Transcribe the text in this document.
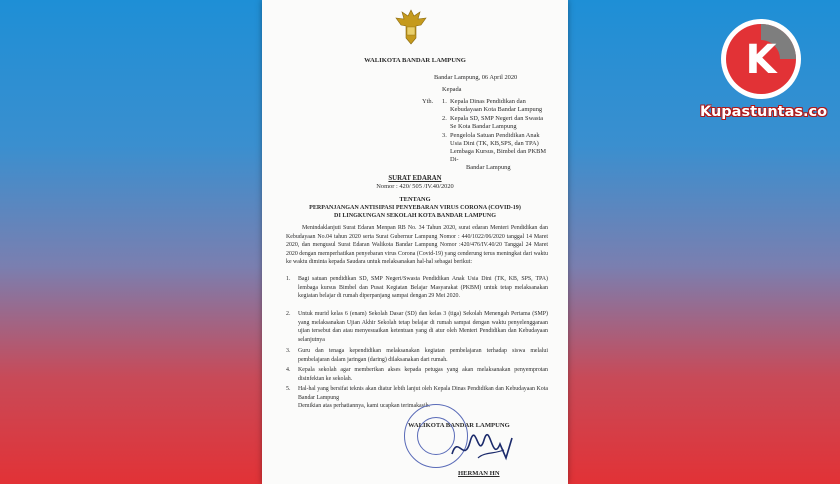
K
Kupastuntas.co
WALIKOTA BANDAR LAMPUNG
Bandar Lampung, 06 April 2020
Kepada
Yth. 1. Kepala Dinas Pendidikan dan
Kebudayaan Kota Bandar Lampung
2. Kepala SD, SMP Negeri dan Swasta
Se Kota Bandar Lampung
3. Pengelola Satuan Pendidikan Anak
Usia Dini (TK, KB,SPS, dan TPA)
Lembaga Kursus, Bimbel dan PKBM
Di-
Bandar Lampung
SURAT EDARAN
Nomor : 420/ 505 /IV.40/2020
TENTANG
PERPANJANGAN ANTISIPASI PENYEBARAN VIRUS CORONA (COVID-19)
DI LINGKUNGAN SEKOLAH KOTA BANDAR LAMPUNG
Menindaklanjuti Surat Edaran Menpan RB No. 34 Tahun 2020, surat edaran Menteri Pendidikan dan Kebudayaan No.04 tahun 2020 serta Surat Gubernur Lampung Nomor : 440/1022/06/2020 tanggal 14 Maret 2020, dan mengusul Surat Edaran Walikota Bandar Lampung Nomor :420/476/IV.40/20 Tanggal 24 Maret 2020 dengan memperhatikan penyebaran virus Corona (Covid-19) yang cenderung terus meningkat dari waktu ke waktu diminta kepada Saudara untuk melaksanakan hal-hal sebagai berikut:
1. Bagi satuan pendidikan SD, SMP Negeri/Swasta Pendidikan Anak Usia Dini (TK, KB, SPS, TPA) lembaga kursus Bimbel dan Pusat Kegiatan Belajar Masyarakat (PKBM) untuk tetap melaksanakan kegiatan belajar di rumah diperpanjang sampai dengan 29 Mei 2020.
2. Untuk murid kelas 6 (enam) Sekolah Dasar (SD) dan kelas 3 (tiga) Sekolah Menengah Pertama (SMP) yang melaksanakan Ujian Akhir Sekolah tetap belajar di rumah sampai dengan waktu penyelenggaraan ujian tersebut dan atau menyesuaikan ketentuan yang di atur oleh Menteri Pendidikan dan Kebudayaan selanjutnya
3. Guru dan tenaga kependidikan melaksanakan kegiatan pembelajaran terhadap siswa melalui pembelajaran dalam jaringan (daring) dilaksanakan dari rumah.
4. Kepala sekolah agar memberikan akses kepada petugas yang akan melaksanakan penyemprotan disinfektan ke sekolah.
5. Hal-hal yang bersifat teknis akan diatur lebih lanjut oleh Kepala Dinas Pendidikan dan Kebudayaan Kota Bandar Lampung
Demikian atas perhatiannya, kami ucapkan terimakasih.
WALIKOTA BANDAR LAMPUNG
HERMAN HN
